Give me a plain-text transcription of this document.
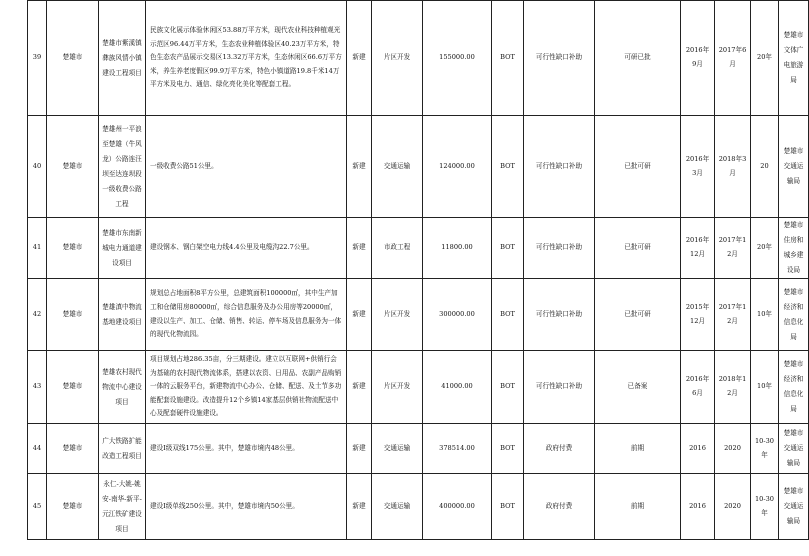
39	楚雄市	楚雄市紫溪镇彝族风情小镇建设工程项目	民族文化展示体验休闲区53.88万平方米，现代农业科技种植观光示范区96.44万平方米，生态农业种植体验区40.23万平方米，特色生态农产品展示交易区13.32万平方米，生态休闲区66.6万平方米，养生养老度假区99.9万平方米，特色小镇道路19.8千米14万平方米及电力、通信、绿化亮化美化等配套工程。	新建	片区开发	155000.00	BOT	可行性缺口补助	可研已批	2016年9月	2017年6月	20年	楚雄市文体广电旅游局
40	楚雄市	楚雄州一平浪至楚雄（牛风龙）公路连汪坝至达连坝段一级收费公路工程	一级收费公路51公里。	新建	交通运输	124000.00	BOT	可行性缺口补助	已批可研	2016年3月	2018年3月	20	楚雄市交通运输局
41	楚雄市	楚雄市东南新城电力通道建设项目	建设钢本、钢白架空电力线4.4公里及电缆沟22.7公里。	新建	市政工程	11800.00	BOT	可行性缺口补助	已批可研	2016年12月	2017年12月	20年	楚雄市住房和城乡建设局
42	楚雄市	楚雄滇中物流基地建设项目	规划总占地面积8平方公里，总建筑面积100000㎡，其中生产加工和仓储用房80000㎡，综合信息服务及办公用房等20000㎡，建设以生产、加工、仓储、销售、转运、停车场及信息服务为一体的现代化物流园。	新建	片区开发	300000.00	BOT	可行性缺口补助	已批可研	2015年12月	2017年12月	10年	楚雄市经济和信息化局
43	楚雄市	楚雄农村现代物流中心建设项目	项目规划占地286.35亩，分三期建设。建立以互联网+供销行会为基础的农村现代物流体系，搭建以农资、日用品、农副产品购销一体的云服务平台，新建物流中心办公、仓储、配送、及土节多功能配套设施建设。改造提升12个乡镇14家基层供销社物流配送中心及配套硬件设施建设。	新建	片区开发	41000.00	BOT	可行性缺口补助	已备案	2016年6月	2018年12月	10年	楚雄市经济和信息化局
44	楚雄市	广大铁路扩能改造工程项目	建设Ⅰ级双线175公里。其中，楚雄市境内48公里。	新建	交通运输	378514.00	BOT	政府付费	前期	2016	2020	10-30年	楚雄市交通运输局
45	楚雄市	永仁-大姚-姚安-南华-新平-元江铁矿建设项目	建设Ⅰ级单线250公里。其中，楚雄市境内50公里。	新建	交通运输	400000.00	BOT	政府付费	前期	2016	2020	10-30年	楚雄市交通运输局
